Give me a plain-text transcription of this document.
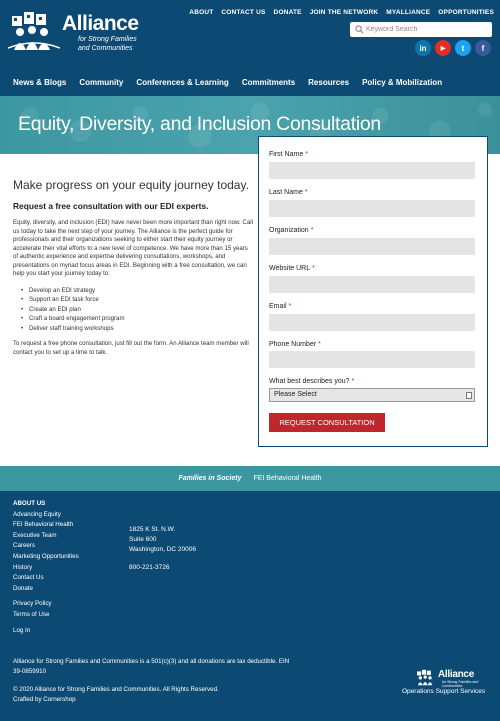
Alliance
for Strong Families and Communities
ABOUT CONTACT US DONATE JOIN THE NETWORK MYALLIANCE OPPORTUNITIES
Keyword Search
in	▶	t	f
News & Blogs Community Conferences & Learning Commitments Resources Policy & Mobilization
Equity, Diversity, and Inclusion Consultation
Make progress on your equity journey today.
Request a free consultation with our EDI experts.

Equity, diversity, and inclusion (EDI) have never been more important than right now. Call us today to take the next step of your journey. The Alliance is the perfect guide for professionals and their organizations seeking to either start their equity journey or accelerate their vital efforts to a new level of competence. We have more than 15 years of authentic experience and expertise delivering consultations, workshops, and presentations on myriad focus areas in EDI. Beginning with a free consultation, we can help you start your journey today to:

• Develop an EDI strategy
• Support an EDI task force
• Create an EDI plan
• Craft a board engagement program
• Deliver staff training workshops

To request a free phone consultation, just fill out the form. An Alliance team member will contact you to set up a time to talk.

First Name *
Last Name *
Organization *
Website URL *
Email *
Phone Number *
What best describes you? *
Please Select
REQUEST CONSULTATION
Families in Society FEI Behavioral Health
ABOUT US
Advancing Equity
FEI Behavioral Health
Executive Team
Careers
Marketing Opportunities
History
Contact Us
Donate
Privacy Policy
Terms of Use
Log In
1825 K St. N.W.
Suite 600
Washington, DC 20006
800-221-3726
Alliance for Strong Families and Communities is a 501(c)(3) and all donations are tax deductible. EIN 39-0859910
© 2020 Alliance for Strong Families and Communities. All Rights Reserved.
Crafted by Cornershop
Alliance
for Strong Families and Communities
Operations Support Services
